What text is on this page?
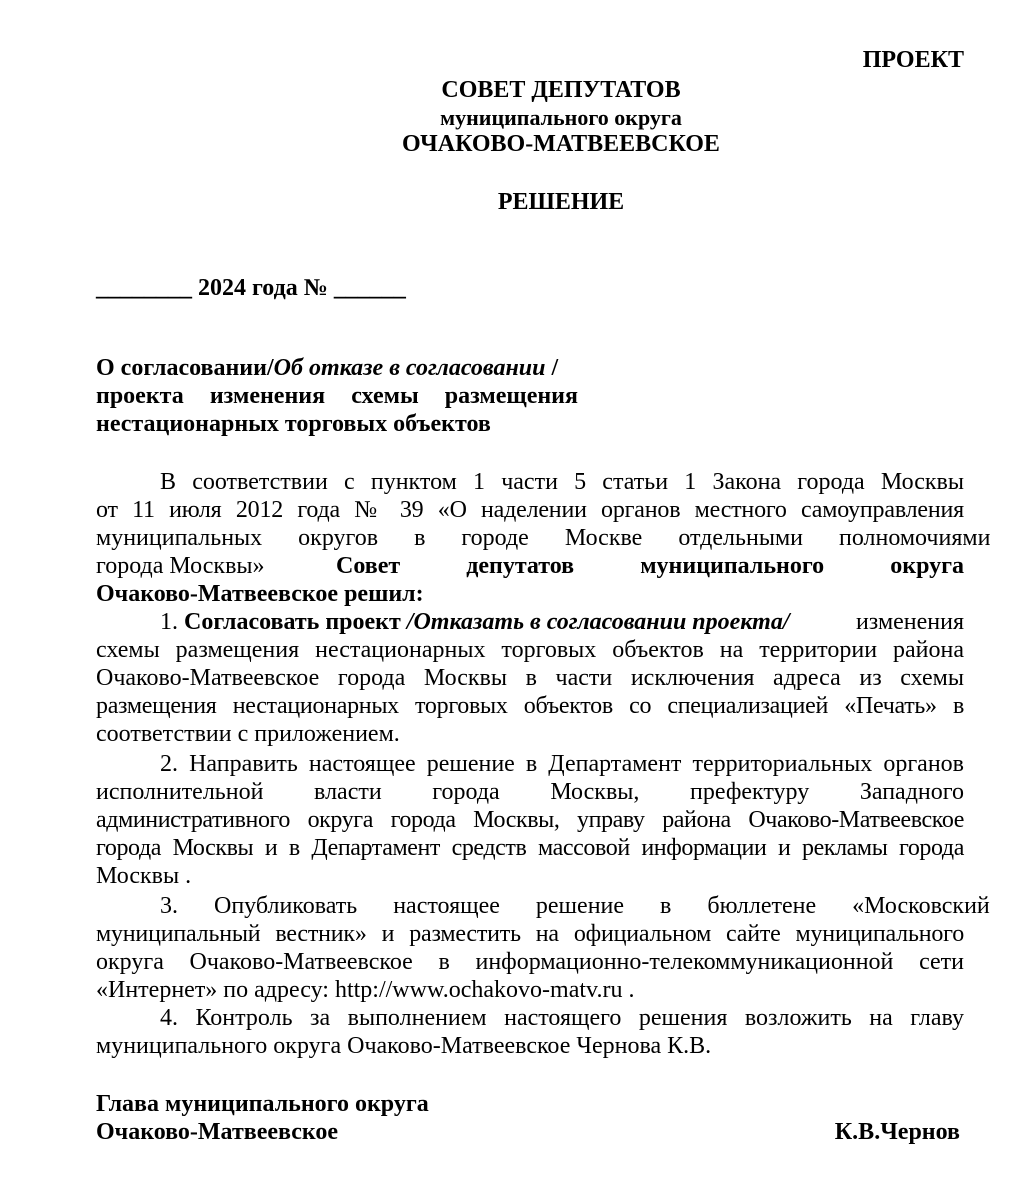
ПРОЕКТ
СОВЕТ ДЕПУТАТОВ
муниципального округа
ОЧАКОВО-МАТВЕЕВСКОЕ
РЕШЕНИЕ
________ 2024 года № ______
О согласовании/Об отказе в согласовании /
проекта изменения схемы размещения
нестационарных торговых объектов
В соответствии с пунктом 1 части 5 статьи 1 Закона города Москвы
от 11 июля 2012 года № 39 «О наделении органов местного самоуправления
муниципальных округов в городе Москве отдельными полномочиями
города Москвы»	Совет депутатов муниципального округа
Очаково-Матвеевское решил:
1. Согласовать проект /Отказать в согласовании проекта/	изменения
схемы размещения нестационарных торговых объектов на территории района
Очаково-Матвеевское города Москвы в части исключения адреса из схемы
размещения нестационарных торговых объектов со специализацией «Печать» в
соответствии с приложением.
2. Направить настоящее решение в Департамент территориальных органов
исполнительной власти города Москвы, префектуру Западного
административного округа города Москвы, управу района Очаково-Матвеевское
города Москвы и в Департамент средств массовой информации и рекламы города
Москвы .
3. Опубликовать настоящее решение в бюллетене «Московский
муниципальный вестник» и разместить на официальном сайте муниципального
округа Очаково-Матвеевское в информационно-телекоммуникационной сети
«Интернет» по адресу: http://www.ochakovo-matv.ru .
4. Контроль за выполнением настоящего решения возложить на главу
муниципального округа Очаково-Матвеевское Чернова К.В.
Глава муниципального округа
Очаково-Матвеевское	К.В.Чернов
